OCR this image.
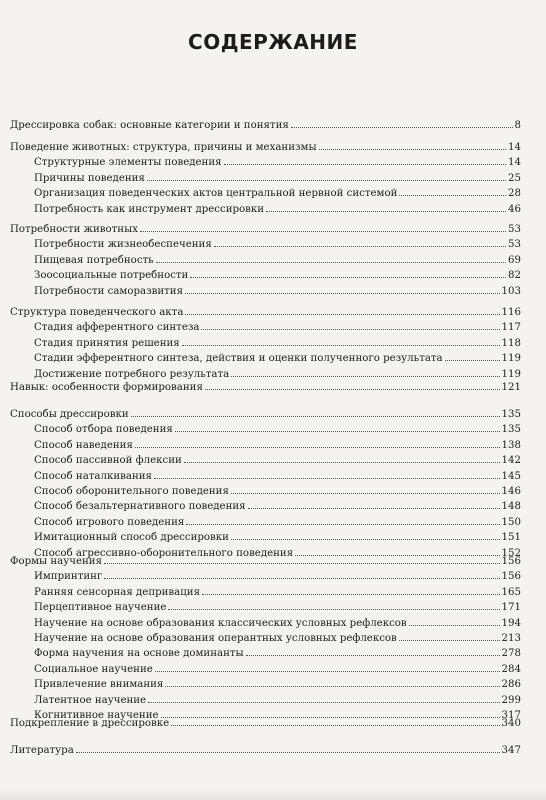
СОДЕРЖАНИЕ
Дрессировка собак: основные категории и понятия	8
Поведение животных: структура, причины и механизмы	14
Структурные элементы поведения	14
Причины поведения	25
Организация поведенческих актов центральной нервной системой	28
Потребность как инструмент дрессировки	46
Потребности животных	53
Потребности жизнеобеспечения	53
Пищевая потребность	69
Зоосоциальные потребности	82
Потребности саморазвития	103
Структура поведенческого акта	116
Стадия афферентного синтеза	117
Стадия принятия решения	118
Стадии эфферентного синтеза, действия и оценки полученного результата	119
Достижение потребного результата	119
Навык: особенности формирования	121
Способы дрессировки	135
Способ отбора поведения	135
Способ наведения	138
Способ пассивной флексии	142
Способ наталкивания	145
Способ оборонительного поведения	146
Способ безальтернативного поведения	148
Способ игрового поведения	150
Имитационный способ дрессировки	151
Способ агрессивно-оборонительного поведения	152
Формы научения	156
Импринтинг	156
Ранняя сенсорная депривация	165
Перцептивное научение	171
Научение на основе образования классических условных рефлексов	194
Научение на основе образования оперантных условных рефлексов	213
Форма научения на основе доминанты	278
Социальное научение	284
Привлечение внимания	286
Латентное научение	299
Когнитивное научение	317
Подкрепление в дрессировке	340
Литература	347
